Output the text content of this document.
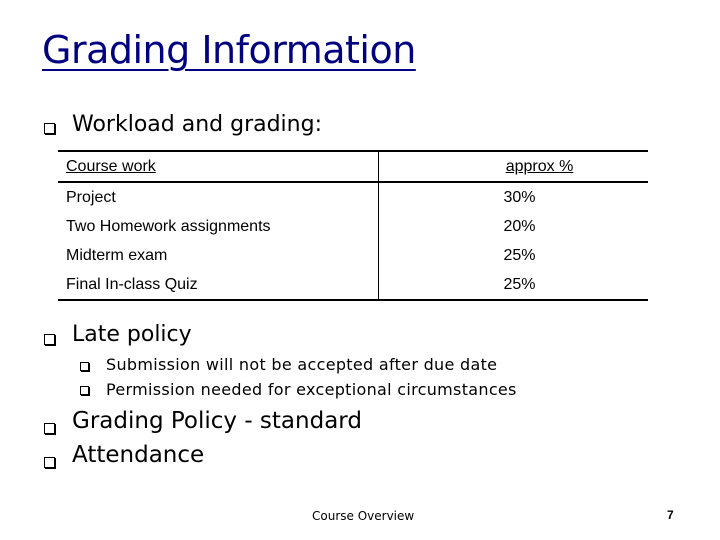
Grading Information
Workload and grading:
Course work	approx %
Project	30%
Two Homework assignments	20%
Midterm exam	25%
Final In-class Quiz	25%
Late policy
Submission will not be accepted after due date
Permission needed for exceptional circumstances
Grading Policy - standard
Attendance
Course Overview	7
